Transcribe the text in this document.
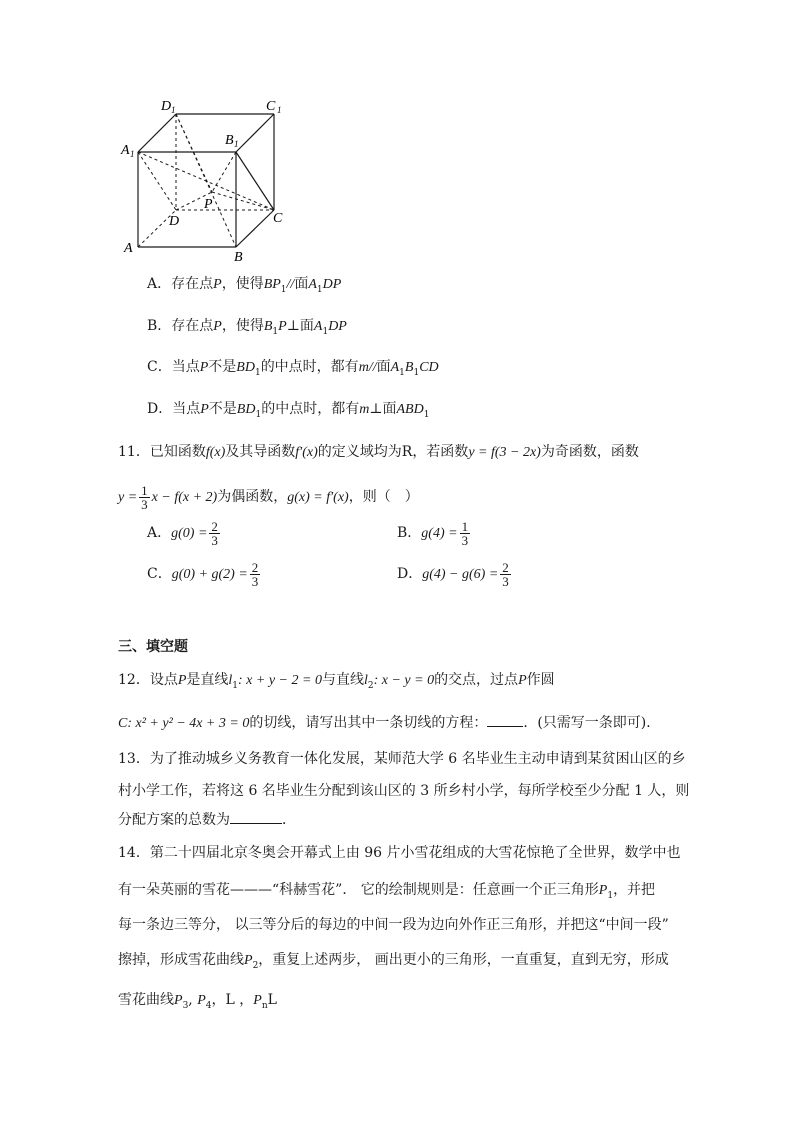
D 1	C 1
B 1
A 1
P
D	C
A
B
A．存在点P，使得$BP_1//$面$A_1DP$
B．存在点P，使得$B_1P\perp$面$A_1DP$
C．当点P不是$BD_1$的中点时，都有m//面$A_1B_1CD$
D．当点P不是$BD_1$的中点时，都有m⊥面$ABD_1$
11．已知函数f(x)及其导函数f′(x)的定义域均为R，若函数y = f(3 − 2x)为奇函数，函数
$y = \frac{1}{3}$ x − f(x + 2)为偶函数，g(x) = f′(x)，则（　）
A．$g(0) = \frac{2}{3}$	B．$g(4) = \frac{1}{3}$
C．$g(0) + g(2) = \frac{2}{3}$	D．$g(4) - g(6) = \frac{2}{3}$
三、填空题
12．设点P是直线$l_1$: x + y − 2 = 0与直线$l_2$: x − y = 0的交点，过点P作圆
C: x² + y² − 4x + 3 = 0的切线，请写出其中一条切线的方程：	．(只需写一条即可)．
13．为了推动城乡义务教育一体化发展，某师范大学 6 名毕业生主动申请到某贫困山区的乡
村小学工作，若将这 6 名毕业生分配到该山区的 3 所乡村小学，每所学校至少分配 1 人，则
分配方案的总数为	．
14．第二十四届北京冬奥会开幕式上由 96 片小雪花组成的大雪花惊艳了全世界，数学中也
有一朵英丽的雪花———“科赫雪花”． 它的绘制规则是：任意画一个正三角形$P_1$，并把
每一条边三等分， 以三等分后的每边的中间一段为边向外作正三角形，并把这“中间一段”
擦掉，形成雪花曲线$P_2$，重复上述两步， 画出更小的三角形，一直重复，直到无穷，形成
雪花曲线$P_3$, $P_4$，L ，$P_nL$
